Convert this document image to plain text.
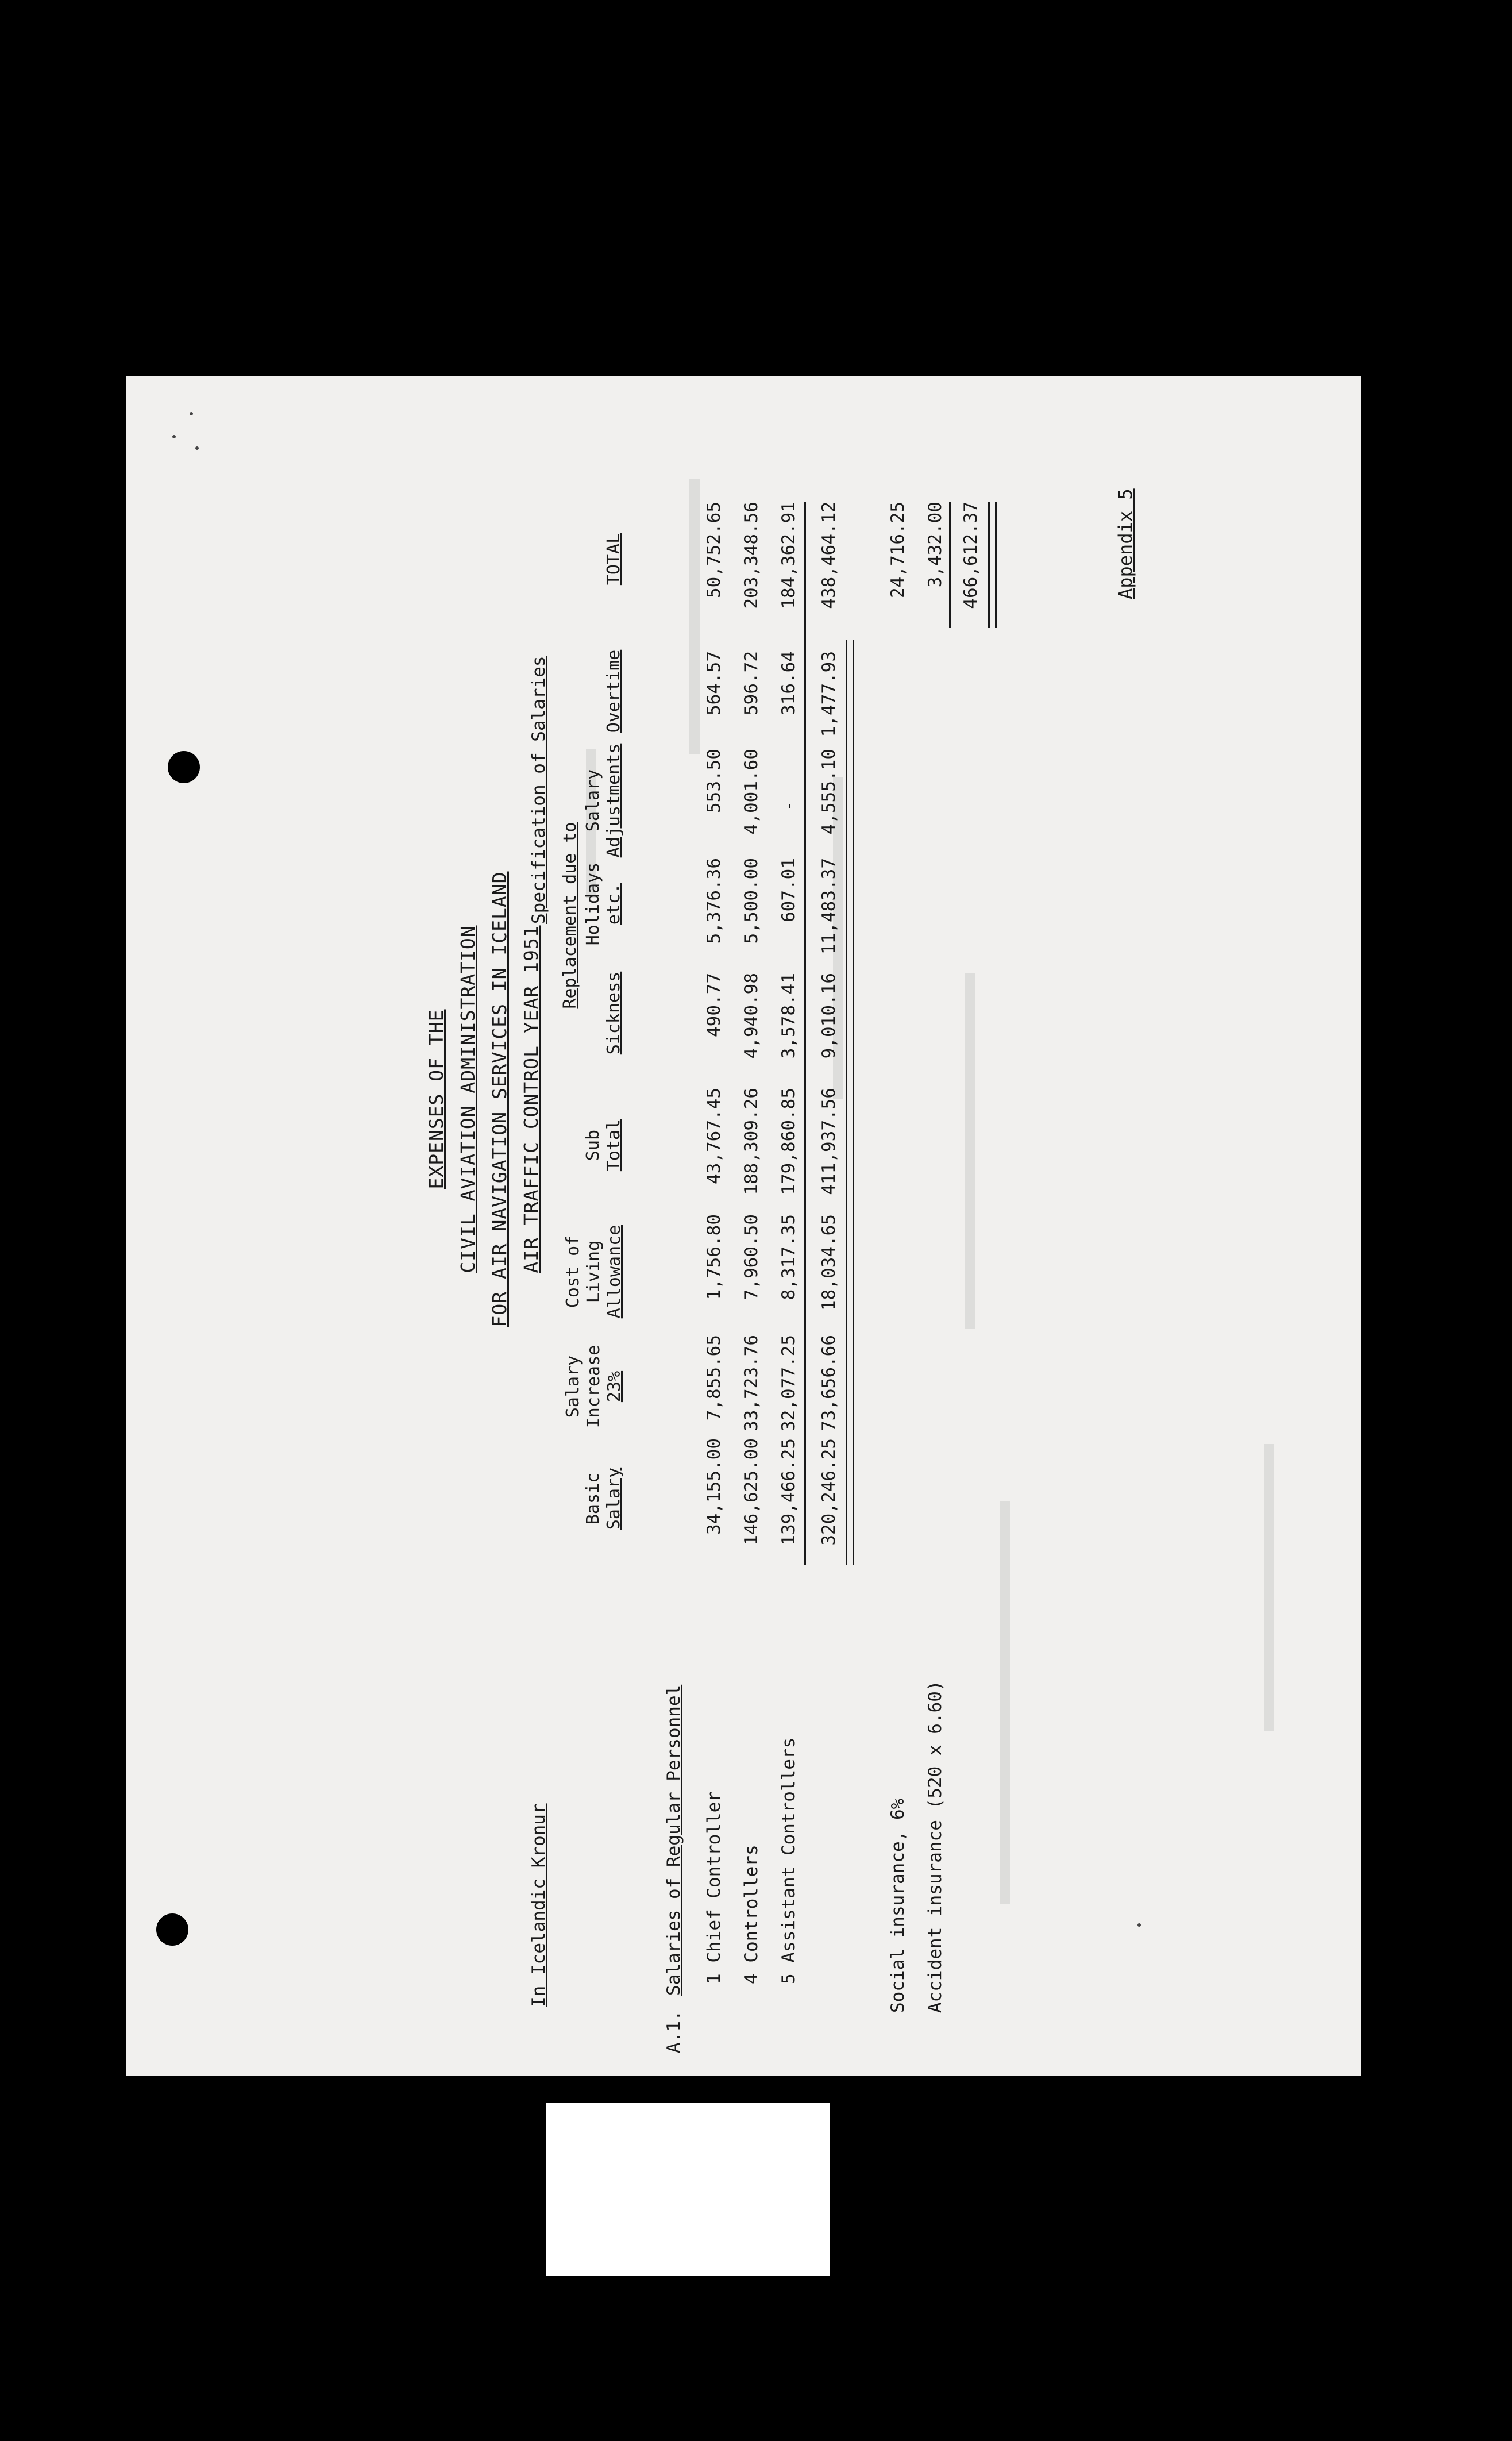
Appendix 5
EXPENSES OF THE CIVIL AVIATION ADMINISTRATION FOR AIR NAVIGATION SERVICES IN ICELAND AIR TRAFFIC CONTROL YEAR 1951
Specification of Salaries
In Icelandic Kronur
Basic Salary
Salary Increase 23%
Cost of Living Allowance
Sub Total
Replacement due to
Sickness
Holidays etc.
Salary Adjustments
Overtime
TOTAL
A.1.
Salaries of Regular Personnel 1 Chief Controller
34,155.00
7,855.65
1,756.80
43,767.45
490.77
5,376.36
553.50
564.57
50,752.65
4 Controllers
146,625.00
33,723.76
7,960.50
188,309.26
4,940.98
5,500.00
4,001.60
596.72
203,348.56
5 Assistant Controllers
139,466.25
32,077.25
8,317.35
179,860.85
3,578.41
607.01
-
316.64
184,362.91
320,246.25
73,656.66
18,034.65
411,937.56
9,010.16
11,483.37
4,555.10
1,477.93
438,464.12
Social insurance, 6%
24,716.25
Accident insurance (520 x 6.60)
3,432.00 466,612.37
